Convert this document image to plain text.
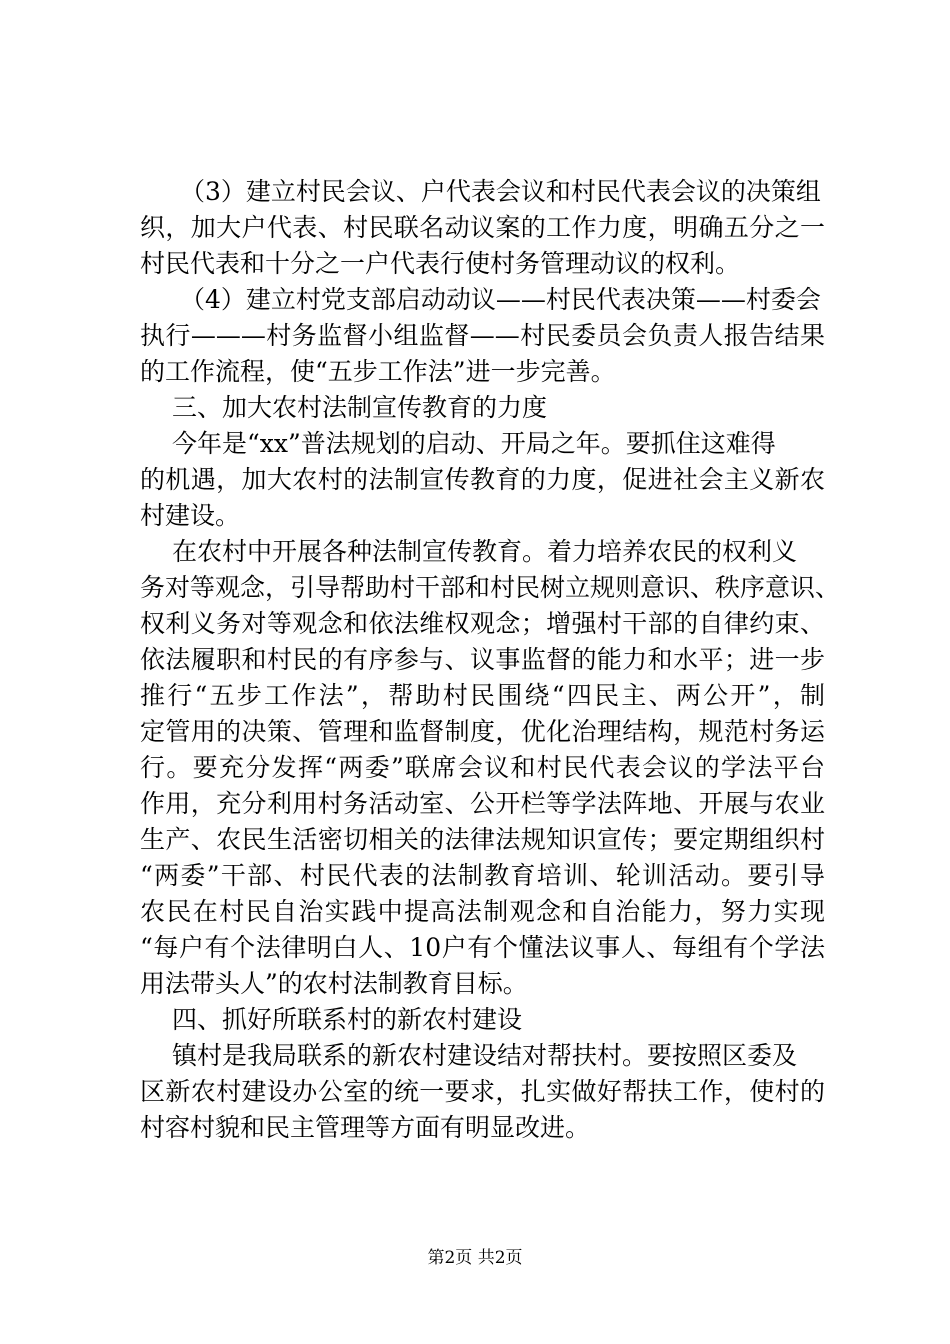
（3）建立村民会议、户代表会议和村民代表会议的决策组
织，加大户代表、村民联名动议案的工作力度，明确五分之一
村民代表和十分之一户代表行使村务管理动议的权利。
（4）建立村党支部启动动议——村民代表决策——村委会
执行———村务监督小组监督——村民委员会负责人报告结果
的工作流程，使“五步工作法”进一步完善。
三、加大农村法制宣传教育的力度
今年是“xx”普法规划的启动、开局之年。要抓住这难得
的机遇，加大农村的法制宣传教育的力度，促进社会主义新农
村建设。
在农村中开展各种法制宣传教育。着力培养农民的权利义
务对等观念，引导帮助村干部和村民树立规则意识、秩序意识、
权利义务对等观念和依法维权观念；增强村干部的自律约束、
依法履职和村民的有序参与、议事监督的能力和水平；进一步
推行“五步工作法”，帮助村民围绕“四民主、两公开”，制
定管用的决策、管理和监督制度，优化治理结构，规范村务运
行。要充分发挥“两委”联席会议和村民代表会议的学法平台
作用，充分利用村务活动室、公开栏等学法阵地、开展与农业
生产、农民生活密切相关的法律法规知识宣传；要定期组织村
“两委”干部、村民代表的法制教育培训、轮训活动。要引导
农民在村民自治实践中提高法制观念和自治能力，努力实现
“每户有个法律明白人、10户有个懂法议事人、每组有个学法
用法带头人”的农村法制教育目标。
四、抓好所联系村的新农村建设
镇村是我局联系的新农村建设结对帮扶村。要按照区委及
区新农村建设办公室的统一要求，扎实做好帮扶工作，使村的
村容村貌和民主管理等方面有明显改进。
第2页 共2页
